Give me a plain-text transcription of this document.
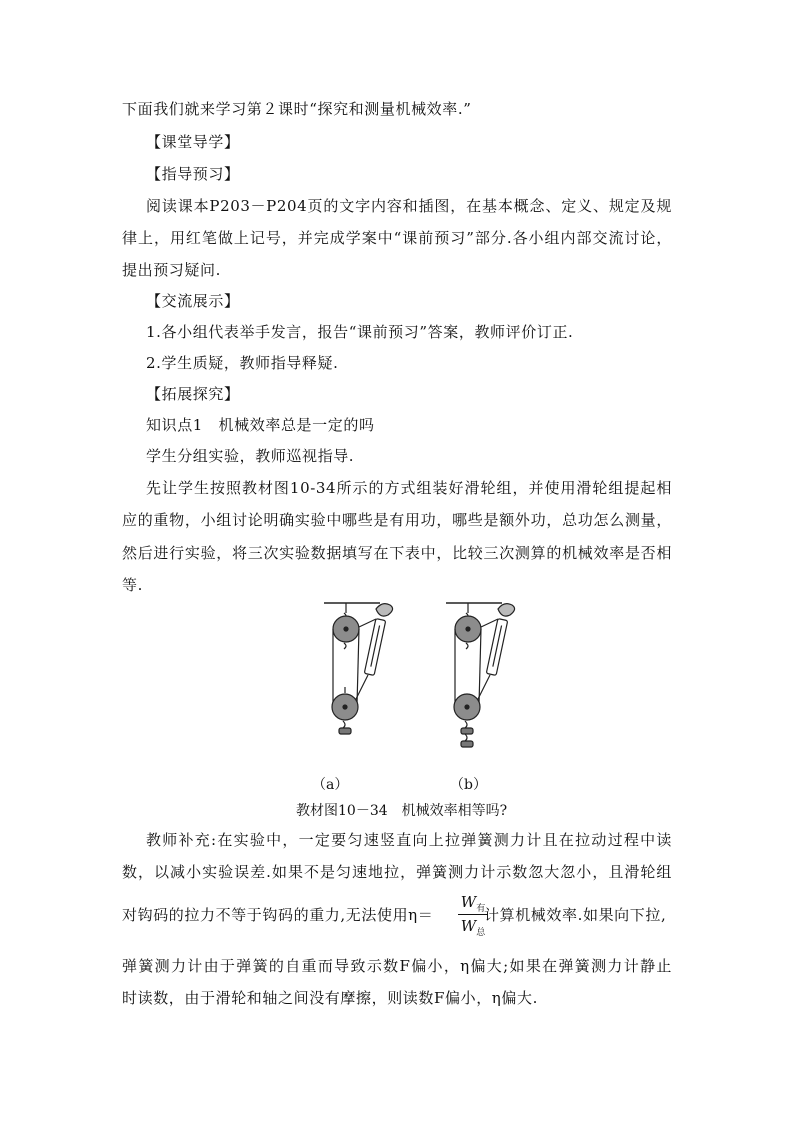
下面我们就来学习第２课时“探究和测量机械效率.”
【课堂导学】
【指导预习】
阅读课本P203－P204页的文字内容和插图，在基本概念、定义、规定及规
律上，用红笔做上记号，并完成学案中“课前预习”部分.各小组内部交流讨论，
提出预习疑问.
【交流展示】
1.各小组代表举手发言，报告“课前预习”答案，教师评价订正.
2.学生质疑，教师指导释疑.
【拓展探究】
知识点1　机械效率总是一定的吗
学生分组实验，教师巡视指导.
先让学生按照教材图10-34所示的方式组装好滑轮组，并使用滑轮组提起相
应的重物，小组讨论明确实验中哪些是有用功，哪些是额外功，总功怎么测量，
然后进行实验，将三次实验数据填写在下表中，比较三次测算的机械效率是否相
等.
（a）	（b）
教材图10－34　机械效率相等吗?
教师补充:在实验中，一定要匀速竖直向上拉弹簧测力计且在拉动过程中读
数，以减小实验误差.如果不是匀速地拉，弹簧测力计示数忽大忽小，且滑轮组
对钩码的拉力不等于钩码的重力,无法使用η＝
$W_有$
$W_总$
计算机械效率.如果向下拉,
弹簧测力计由于弹簧的自重而导致示数F偏小，η偏大;如果在弹簧测力计静止
时读数，由于滑轮和轴之间没有摩擦，则读数F偏小，η偏大.
